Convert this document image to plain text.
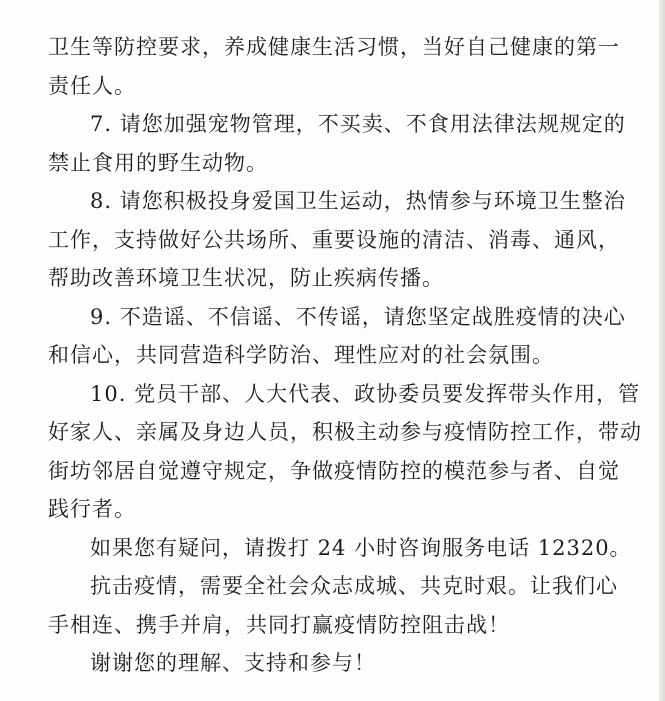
卫生等防控要求，养成健康生活习惯，当好自己健康的第一
责任人。

7. 请您加强宠物管理，不买卖、不食用法律法规规定的
禁止食用的野生动物。

8. 请您积极投身爱国卫生运动，热情参与环境卫生整治
工作，支持做好公共场所、重要设施的清洁、消毒、通风，
帮助改善环境卫生状况，防止疾病传播。

9. 不造谣、不信谣、不传谣，请您坚定战胜疫情的决心
和信心，共同营造科学防治、理性应对的社会氛围。

10. 党员干部、人大代表、政协委员要发挥带头作用，管
好家人、亲属及身边人员，积极主动参与疫情防控工作，带动
街坊邻居自觉遵守规定，争做疫情防控的模范参与者、自觉
践行者。

如果您有疑问，请拨打 24 小时咨询服务电话 12320。

抗击疫情，需要全社会众志成城、共克时艰。让我们心
手相连、携手并肩，共同打赢疫情防控阻击战！

谢谢您的理解、支持和参与！
